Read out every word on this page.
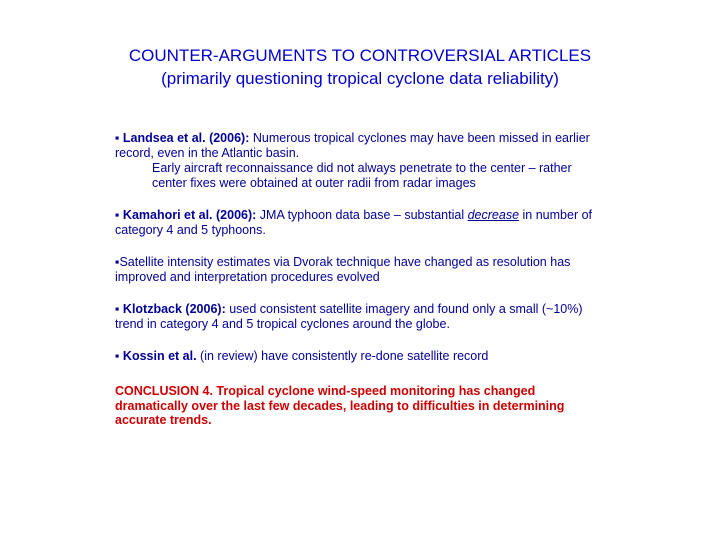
COUNTER-ARGUMENTS TO CONTROVERSIAL ARTICLES
(primarily questioning tropical cyclone data reliability)
▪ Landsea et al. (2006): Numerous tropical cyclones may have been missed in earlier record, even in the Atlantic basin.
Early aircraft reconnaissance did not always penetrate to the center – rather center fixes were obtained at outer radii from radar images
▪ Kamahori et al. (2006): JMA typhoon data base – substantial decrease in number of category 4 and 5 typhoons.
▪Satellite intensity estimates via Dvorak technique have changed as resolution has improved and interpretation procedures evolved
▪ Klotzback (2006): used consistent satellite imagery and found only a small (~10%) trend in category 4 and 5 tropical cyclones around the globe.
▪ Kossin et al. (in review) have consistently re-done satellite record
CONCLUSION 4. Tropical cyclone wind-speed monitoring has changed dramatically over the last few decades, leading to difficulties in determining accurate trends.
